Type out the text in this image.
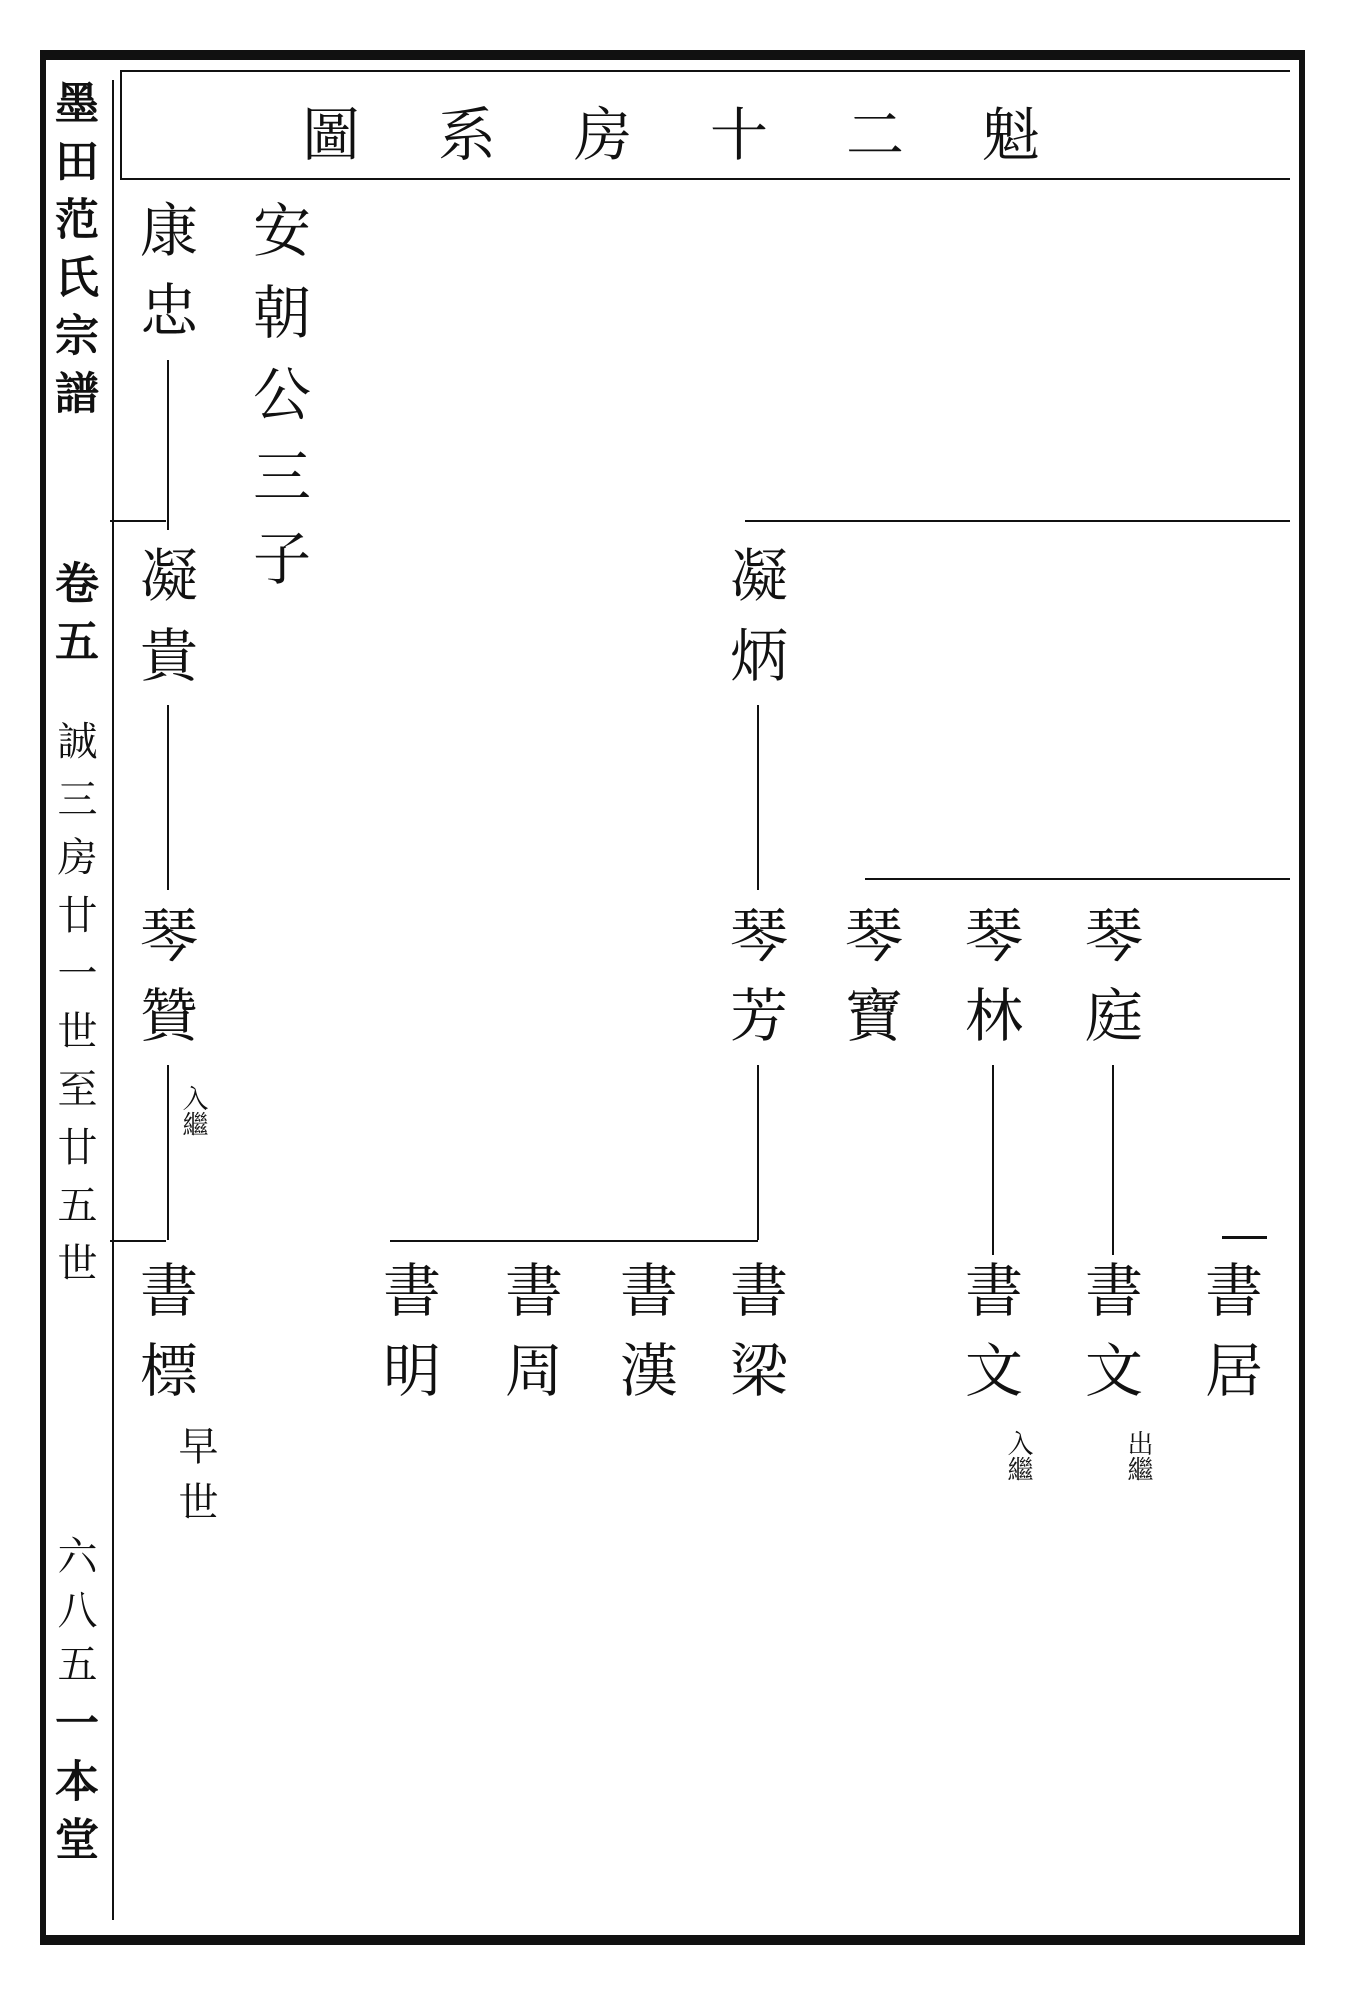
圖系房十二魁
墨田范氏宗譜
卷五
誠三房廿一世至廿五世
六八五
一本堂
安朝公三子
康忠
凝貴	凝炳
琴贊
入繼
琴芳 琴寶 琴林 琴庭
書標
早世
書梁
書漢
書周
書明	書文
入繼
書文
出繼
書居
